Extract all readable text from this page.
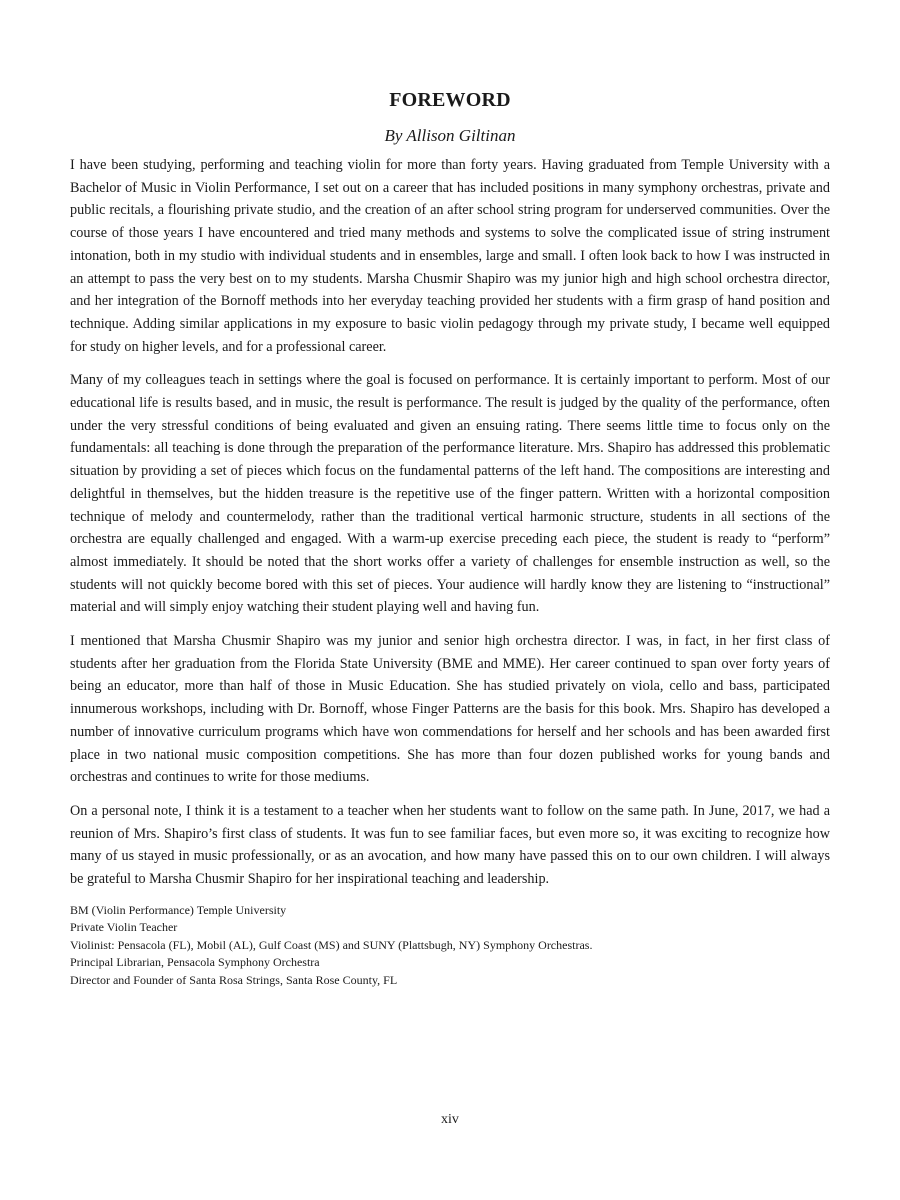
FOREWORD
By Allison Giltinan

I have been studying, performing and teaching violin for more than forty years. Having graduated from Temple University with a Bachelor of Music in Violin Performance, I set out on a career that has included positions in many symphony orchestras, private and public recitals, a flourishing private studio, and the creation of an after school string program for underserved communities. Over the course of those years I have encountered and tried many methods and systems to solve the complicated issue of string instrument intonation, both in my studio with individual students and in ensembles, large and small. I often look back to how I was instructed in an attempt to pass the very best on to my students. Marsha Chusmir Shapiro was my junior high and high school orchestra director, and her integration of the Bornoff methods into her everyday teaching provided her students with a firm grasp of hand position and technique. Adding similar applications in my exposure to basic violin pedagogy through my private study, I became well equipped for study on higher levels, and for a professional career.

Many of my colleagues teach in settings where the goal is focused on performance. It is certainly important to perform. Most of our educational life is results based, and in music, the result is performance. The result is judged by the quality of the performance, often under the very stressful conditions of being evaluated and given an ensuing rating. There seems little time to focus only on the fundamentals: all teaching is done through the preparation of the performance literature. Mrs. Shapiro has addressed this problematic situation by providing a set of pieces which focus on the fundamental patterns of the left hand. The compositions are interesting and delightful in themselves, but the hidden treasure is the repetitive use of the finger pattern. Written with a horizontal composition technique of melody and countermelody, rather than the traditional vertical harmonic structure, students in all sections of the orchestra are equally challenged and engaged. With a warm-up exercise preceding each piece, the student is ready to “perform” almost immediately. It should be noted that the short works offer a variety of challenges for ensemble instruction as well, so the students will not quickly become bored with this set of pieces. Your audience will hardly know they are listening to “instructional” material and will simply enjoy watching their student playing well and having fun.

I mentioned that Marsha Chusmir Shapiro was my junior and senior high orchestra director. I was, in fact, in her first class of students after her graduation from the Florida State University (BME and MME). Her career continued to span over forty years of being an educator, more than half of those in Music Education. She has studied privately on viola, cello and bass, participated innumerous workshops, including with Dr. Bornoff, whose Finger Patterns are the basis for this book. Mrs. Shapiro has developed a number of innovative curriculum programs which have won commendations for herself and her schools and has been awarded first place in two national music composition competitions. She has more than four dozen published works for young bands and orchestras and continues to write for those mediums.

On a personal note, I think it is a testament to a teacher when her students want to follow on the same path. In June, 2017, we had a reunion of Mrs. Shapiro’s first class of students. It was fun to see familiar faces, but even more so, it was exciting to recognize how many of us stayed in music professionally, or as an avocation, and how many have passed this on to our own children. I will always be grateful to Marsha Chusmir Shapiro for her inspirational teaching and leadership.

BM (Violin Performance) Temple University
Private Violin Teacher
Violinist: Pensacola (FL), Mobil (AL), Gulf Coast (MS) and SUNY (Plattsbugh, NY) Symphony Orchestras.
Principal Librarian, Pensacola Symphony Orchestra
Director and Founder of Santa Rosa Strings, Santa Rose County, FL
xiv
